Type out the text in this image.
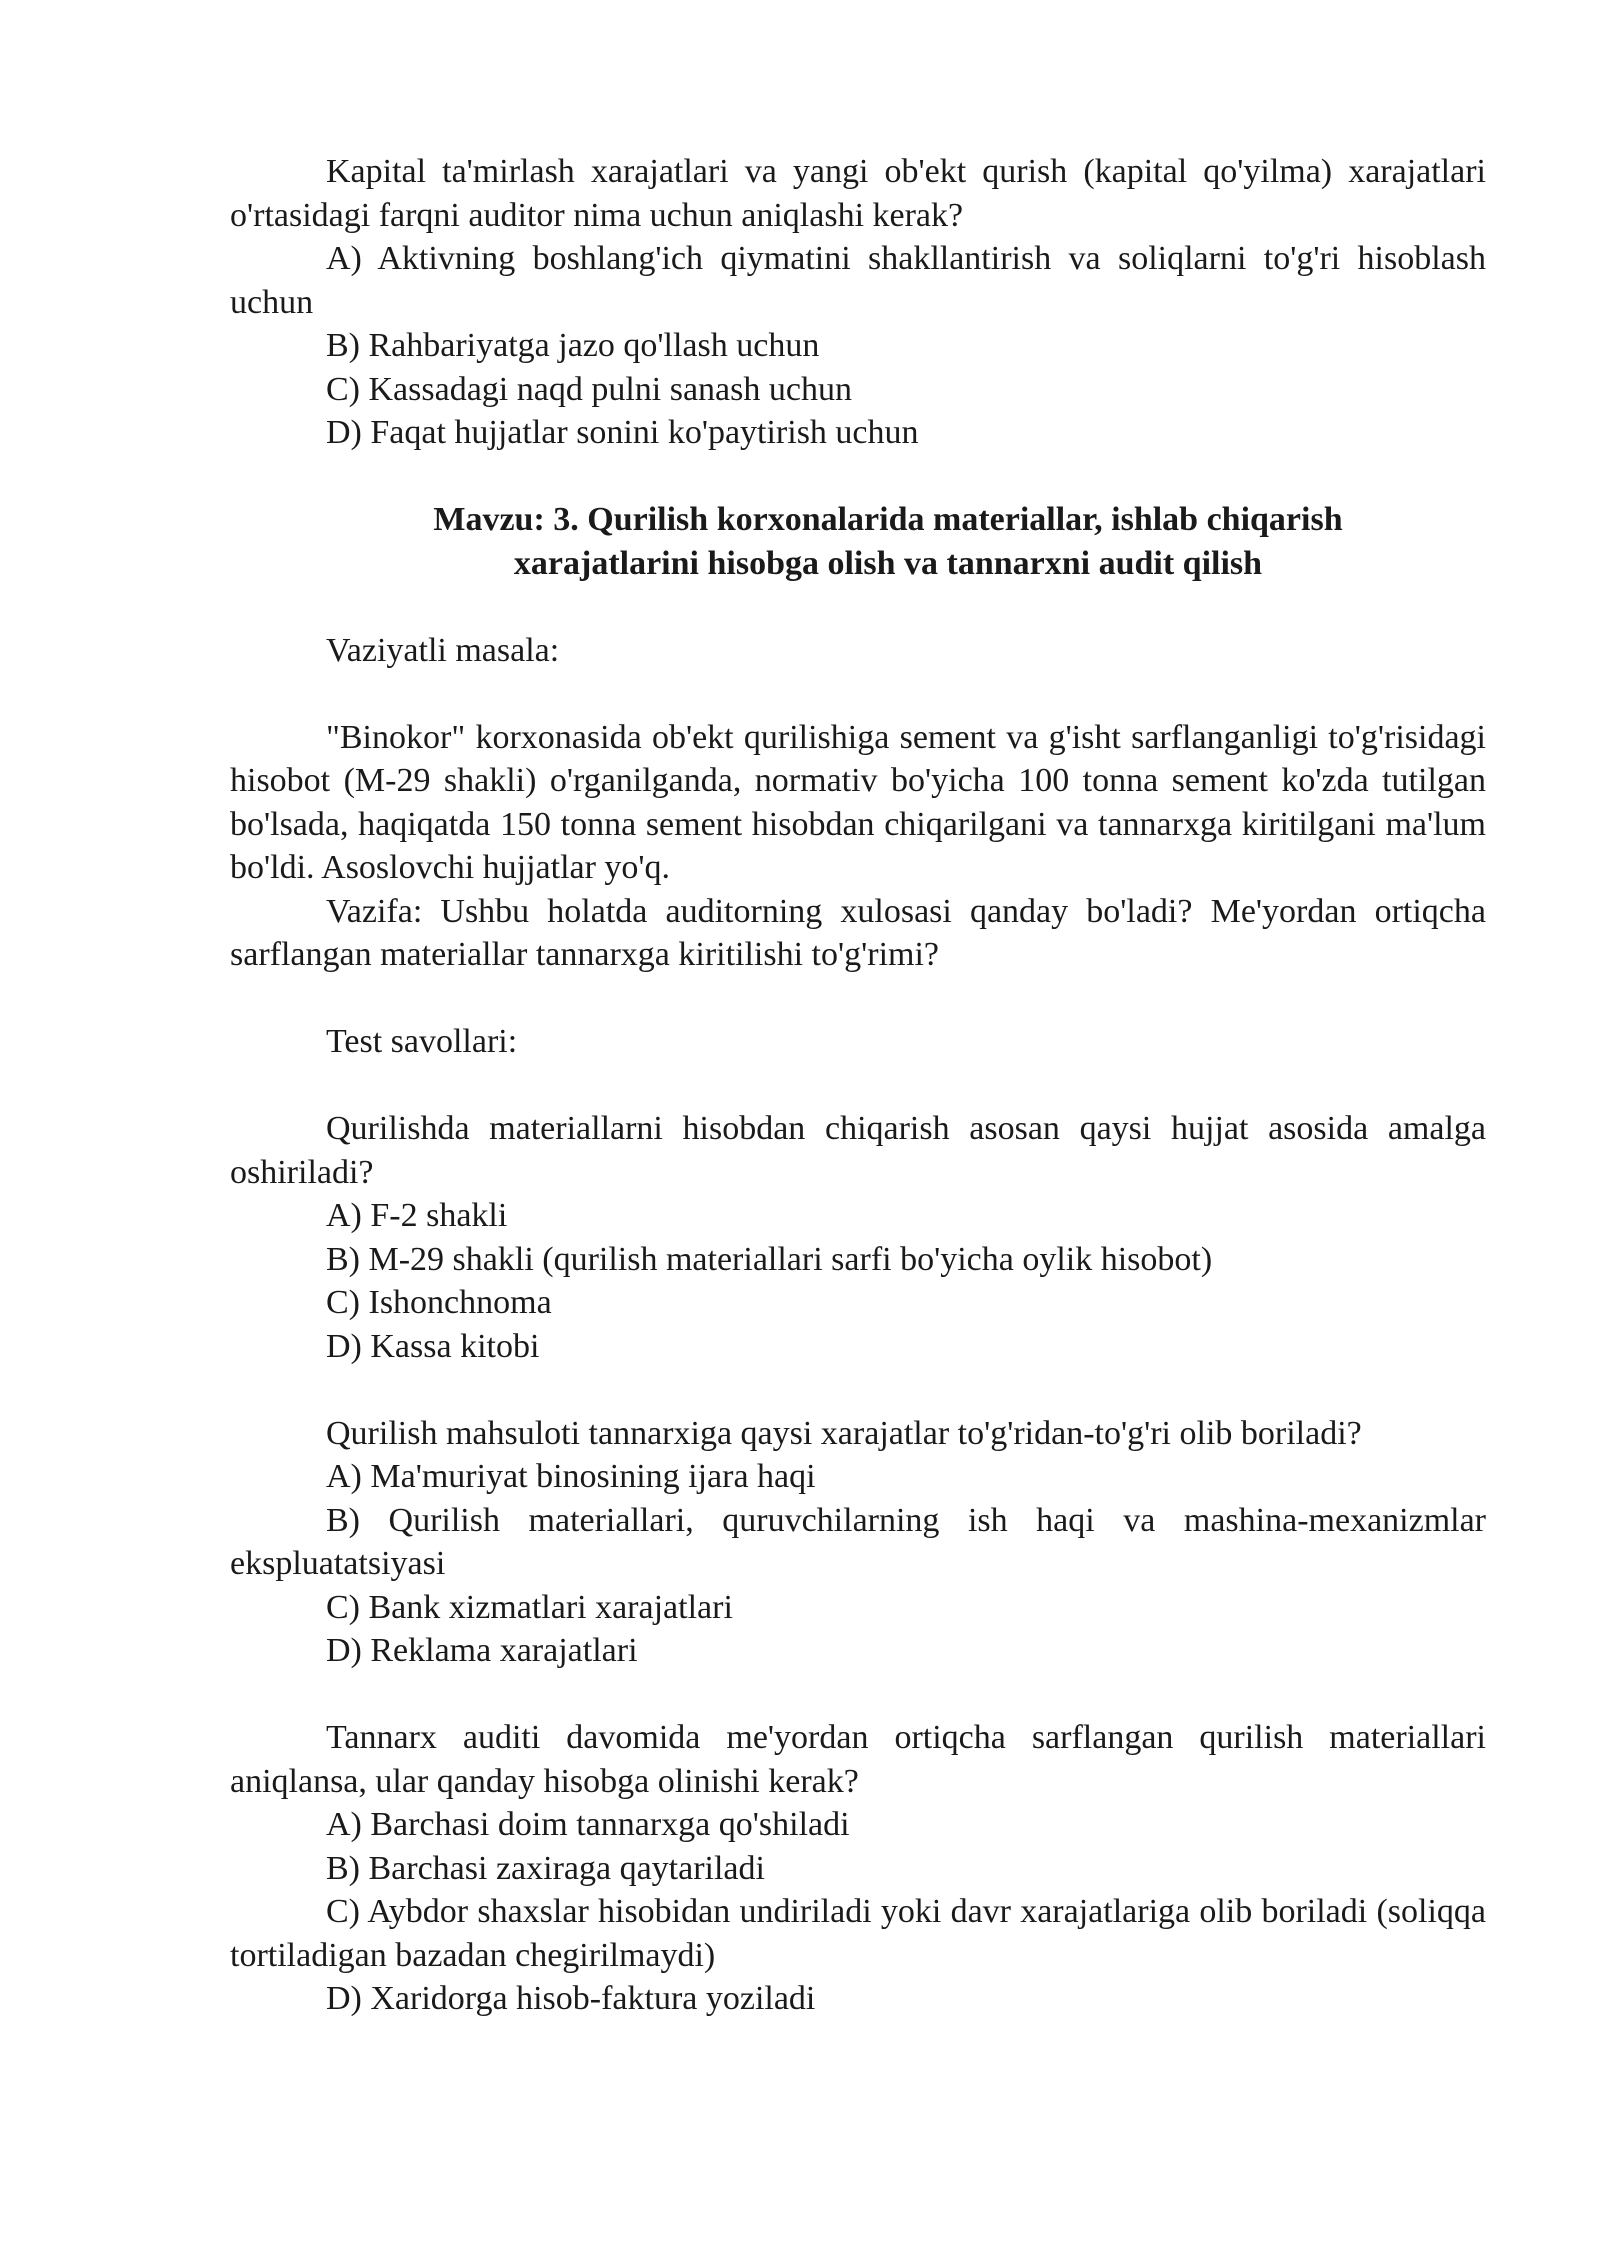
Kapital ta'mirlash xarajatlari va yangi ob'ekt qurish (kapital qo'yilma) xarajatlari o'rtasidagi farqni auditor nima uchun aniqlashi kerak?

A) Aktivning boshlang'ich qiymatini shakllantirish va soliqlarni to'g'ri hisoblash uchun

B) Rahbariyatga jazo qo'llash uchun

C) Kassadagi naqd pulni sanash uchun

D) Faqat hujjatlar sonini ko'paytirish uchun

Mavzu: 3. Qurilish korxonalarida materiallar, ishlab chiqarish
xarajatlarini hisobga olish va tannarxni audit qilish

Vaziyatli masala:

"Binokor" korxonasida ob'ekt qurilishiga sement va g'isht sarflanganligi to'g'risidagi hisobot (M-29 shakli) o'rganilganda, normativ bo'yicha 100 tonna sement ko'zda tutilgan bo'lsada, haqiqatda 150 tonna sement hisobdan chiqarilgani va tannarxga kiritilgani ma'lum bo'ldi. Asoslovchi hujjatlar yo'q.

Vazifa: Ushbu holatda auditorning xulosasi qanday bo'ladi? Me'yordan ortiqcha sarflangan materiallar tannarxga kiritilishi to'g'rimi?

Test savollari:

Qurilishda materiallarni hisobdan chiqarish asosan qaysi hujjat asosida amalga oshiriladi?

A) F-2 shakli

B) M-29 shakli (qurilish materiallari sarfi bo'yicha oylik hisobot)

C) Ishonchnoma

D) Kassa kitobi

Qurilish mahsuloti tannarxiga qaysi xarajatlar to'g'ridan-to'g'ri olib boriladi?

A) Ma'muriyat binosining ijara haqi

B) Qurilish materiallari, quruvchilarning ish haqi va mashina-mexanizmlar ekspluatatsiyasi

C) Bank xizmatlari xarajatlari

D) Reklama xarajatlari

Tannarx auditi davomida me'yordan ortiqcha sarflangan qurilish materiallari aniqlansa, ular qanday hisobga olinishi kerak?

A) Barchasi doim tannarxga qo'shiladi

B) Barchasi zaxiraga qaytariladi

C) Aybdor shaxslar hisobidan undiriladi yoki davr xarajatlariga olib boriladi (soliqqa tortiladigan bazadan chegirilmaydi)

D) Xaridorga hisob-faktura yoziladi
